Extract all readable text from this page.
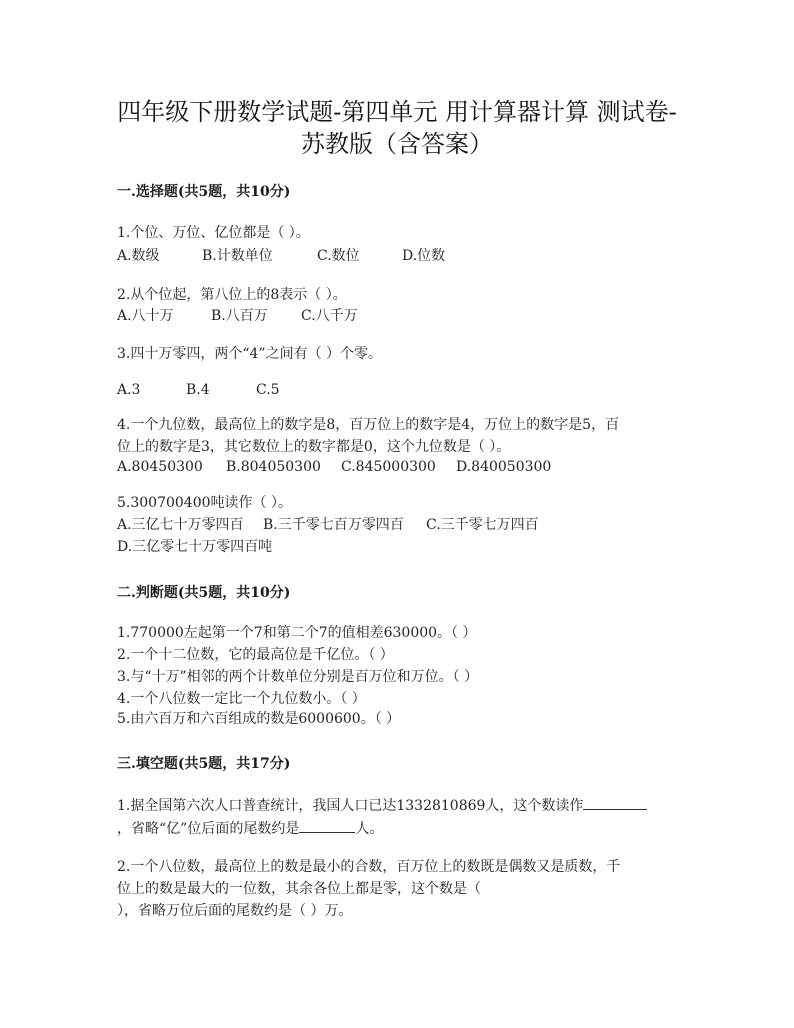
四年级下册数学试题-第四单元 用计算器计算 测试卷-
苏教版（含答案）
一.选择题(共5题，共10分)
1.个位、万位、亿位都是（ ）。
A.数级	B.计数单位	C.数位	D.位数
2.从个位起，第八位上的8表示（ ）。
A.八十万	B.八百万 C.八千万
3.四十万零四，两个“4”之间有（ ）个零。
A.3	B.4	C.5
4.一个九位数，最高位上的数字是8，百万位上的数字是4，万位上的数字是5，百
位上的数字是3，其它数位上的数字都是0，这个九位数是（ ）。
A.80450300 B.804050300 C.845000300 D.840050300
5.300700400吨读作（ ）。
A.三亿七十万零四百 B.三千零七百万零四百 C.三千零七万四百
D.三亿零七十万零四百吨
二.判断题(共5题，共10分)
1.770000左起第一个7和第二个7的值相差630000。（ ）
2.一个十二位数，它的最高位是千亿位。（ ）
3.与“十万”相邻的两个计数单位分别是百万位和万位。（ ）
4.一个八位数一定比一个九位数小。（ ）
5.由六百万和六百组成的数是6000600。（ ）
三.填空题(共5题，共17分)
1.据全国第六次人口普查统计，我国人口已达1332810869人，这个数读作
，省略“亿”位后面的尾数约是	人。
2.一个八位数，最高位上的数是最小的合数，百万位上的数既是偶数又是质数，千
位上的数是最大的一位数，其余各位上都是零，这个数是（
），省略万位后面的尾数约是（ ）万。
